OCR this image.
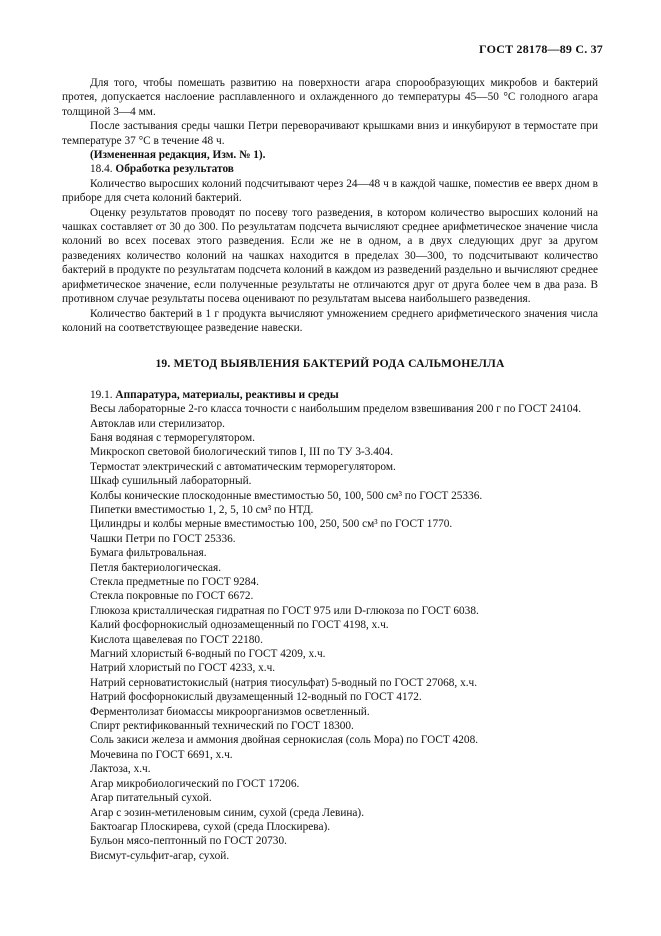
ГОСТ 28178—89 С. 37

Для того, чтобы помешать развитию на поверхности агара спорообразующих микробов и бактерий протея, допускается наслоение расплавленного и охлажденного до температуры 45—50 °С голодного агара толщиной 3—4 мм.

После застывания среды чашки Петри переворачивают крышками вниз и инкубируют в термостате при температуре 37 °С в течение 48 ч.

(Измененная редакция, Изм. № 1).

18.4. Обработка результатов

Количество выросших колоний подсчитывают через 24—48 ч в каждой чашке, поместив ее вверх дном в приборе для счета колоний бактерий.

Оценку результатов проводят по посеву того разведения, в котором количество выросших колоний на чашках составляет от 30 до 300. По результатам подсчета вычисляют среднее арифметическое значение числа колоний во всех посевах этого разведения. Если же не в одном, а в двух следующих друг за другом разведениях количество колоний на чашках находится в пределах 30—300, то подсчитывают количество бактерий в продукте по результатам подсчета колоний в каждом из разведений раздельно и вычисляют среднее арифметическое значение, если полученные результаты не отличаются друг от друга более чем в два раза. В противном случае результаты посева оценивают по результатам высева наибольшего разведения.

Количество бактерий в 1 г продукта вычисляют умножением среднего арифметического значения числа колоний на соответствующее разведение навески.

19. МЕТОД ВЫЯВЛЕНИЯ БАКТЕРИЙ РОДА САЛЬМОНЕЛЛА

19.1. Аппаратура, материалы, реактивы и среды

Весы лабораторные 2-го класса точности с наибольшим пределом взвешивания 200 г по ГОСТ 24104.

Автоклав или стерилизатор.

Баня водяная с терморегулятором.

Микроскоп световой биологический типов I, III по ТУ 3-3.404.

Термостат электрический с автоматическим терморегулятором.

Шкаф сушильный лабораторный.

Колбы конические плоскодонные вместимостью 50, 100, 500 см³ по ГОСТ 25336.

Пипетки вместимостью 1, 2, 5, 10 см³ по НТД.

Цилиндры и колбы мерные вместимостью 100, 250, 500 см³ по ГОСТ 1770.

Чашки Петри по ГОСТ 25336.

Бумага фильтровальная.

Петля бактериологическая.

Стекла предметные по ГОСТ 9284.

Стекла покровные по ГОСТ 6672.

Глюкоза кристаллическая гидратная по ГОСТ 975 или D-глюкоза по ГОСТ 6038.

Калий фосфорнокислый однозамещенный по ГОСТ 4198, х.ч.

Кислота щавелевая по ГОСТ 22180.

Магний хлористый 6-водный по ГОСТ 4209, х.ч.

Натрий хлористый по ГОСТ 4233, х.ч.

Натрий серноватистокислый (натрия тиосульфат) 5-водный по ГОСТ 27068, х.ч.

Натрий фосфорнокислый двузамещенный 12-водный по ГОСТ 4172.

Ферментолизат биомассы микроорганизмов осветленный.

Спирт ректификованный технический по ГОСТ 18300.

Соль закиси железа и аммония двойная сернокислая (соль Мора) по ГОСТ 4208.

Мочевина по ГОСТ 6691, х.ч.

Лактоза, х.ч.

Агар микробиологический по ГОСТ 17206.

Агар питательный сухой.

Агар с эозин-метиленовым синим, сухой (среда Левина).

Бактоагар Плоскирева, сухой (среда Плоскирева).

Бульон мясо-пептонный по ГОСТ 20730.

Висмут-сульфит-агар, сухой.
